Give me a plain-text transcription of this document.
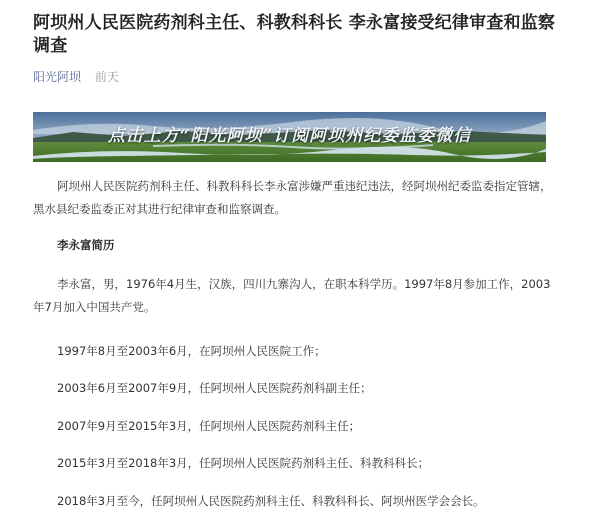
阿坝州人民医院药剂科主任、科教科科长 李永富接受纪律审查和监察调查
阳光阿坝 前天
点击上方“阳光阿坝”订阅阿坝州纪委监委微信

阿坝州人民医院药剂科主任、科教科科长李永富涉嫌严重违纪违法，经阿坝州纪委监委指定管辖，黑水县纪委监委正对其进行纪律审查和监察调查。

李永富简历

李永富，男，1976年4月生，汉族，四川九寨沟人，在职本科学历。1997年8月参加工作，2003年7月加入中国共产党。

1997年8月至2003年6月，在阿坝州人民医院工作；

2003年6月至2007年9月，任阿坝州人民医院药剂科副主任；

2007年9月至2015年3月，任阿坝州人民医院药剂科主任；

2015年3月至2018年3月，任阿坝州人民医院药剂科主任、科教科科长；

2018年3月至今，任阿坝州人民医院药剂科主任、科教科科长、阿坝州医学会会长。
